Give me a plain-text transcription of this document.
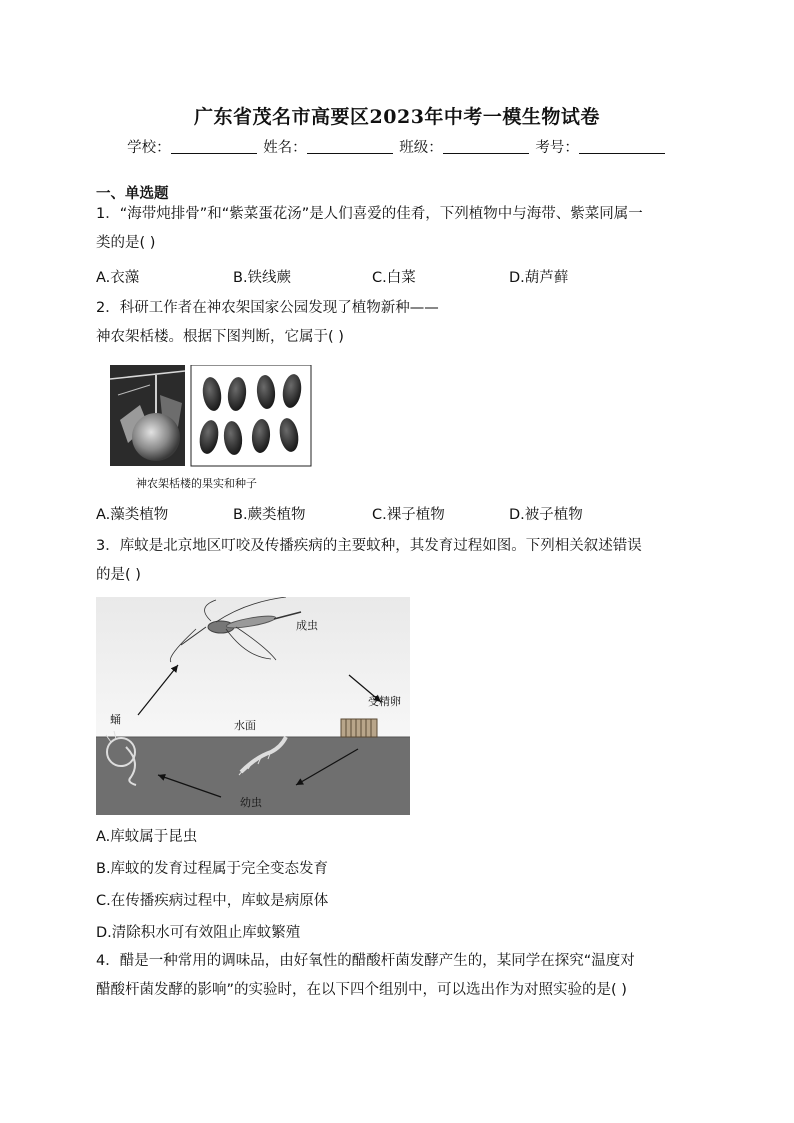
广东省茂名市高要区2023年中考一模生物试卷
学校：	姓名：	班级：	考号：
一、单选题
1．“海带炖排骨”和“紫菜蛋花汤”是人们喜爱的佳肴，下列植物中与海带、紫菜同属一
类的是( )
A.衣藻	B.铁线蕨	C.白菜	D.葫芦藓
2．科研工作者在神农架国家公园发现了植物新种——
神农架栝楼。根据下图判断，它属于( )
神农架栝楼的果实和种子
A.藻类植物	B.蕨类植物	C.裸子植物	D.被子植物
3．库蚊是北京地区叮咬及传播疾病的主要蚊种，其发育过程如图。下列相关叙述错误
的是( )
成虫
受精卵
蛹	水面
幼虫
A.库蚊属于昆虫
B.库蚊的发育过程属于完全变态发育
C.在传播疾病过程中，库蚊是病原体
D.清除积水可有效阻止库蚊繁殖
4．醋是一种常用的调味品，由好氧性的醋酸杆菌发酵产生的，某同学在探究“温度对
醋酸杆菌发酵的影响”的实验时，在以下四个组别中，可以选出作为对照实验的是( )
